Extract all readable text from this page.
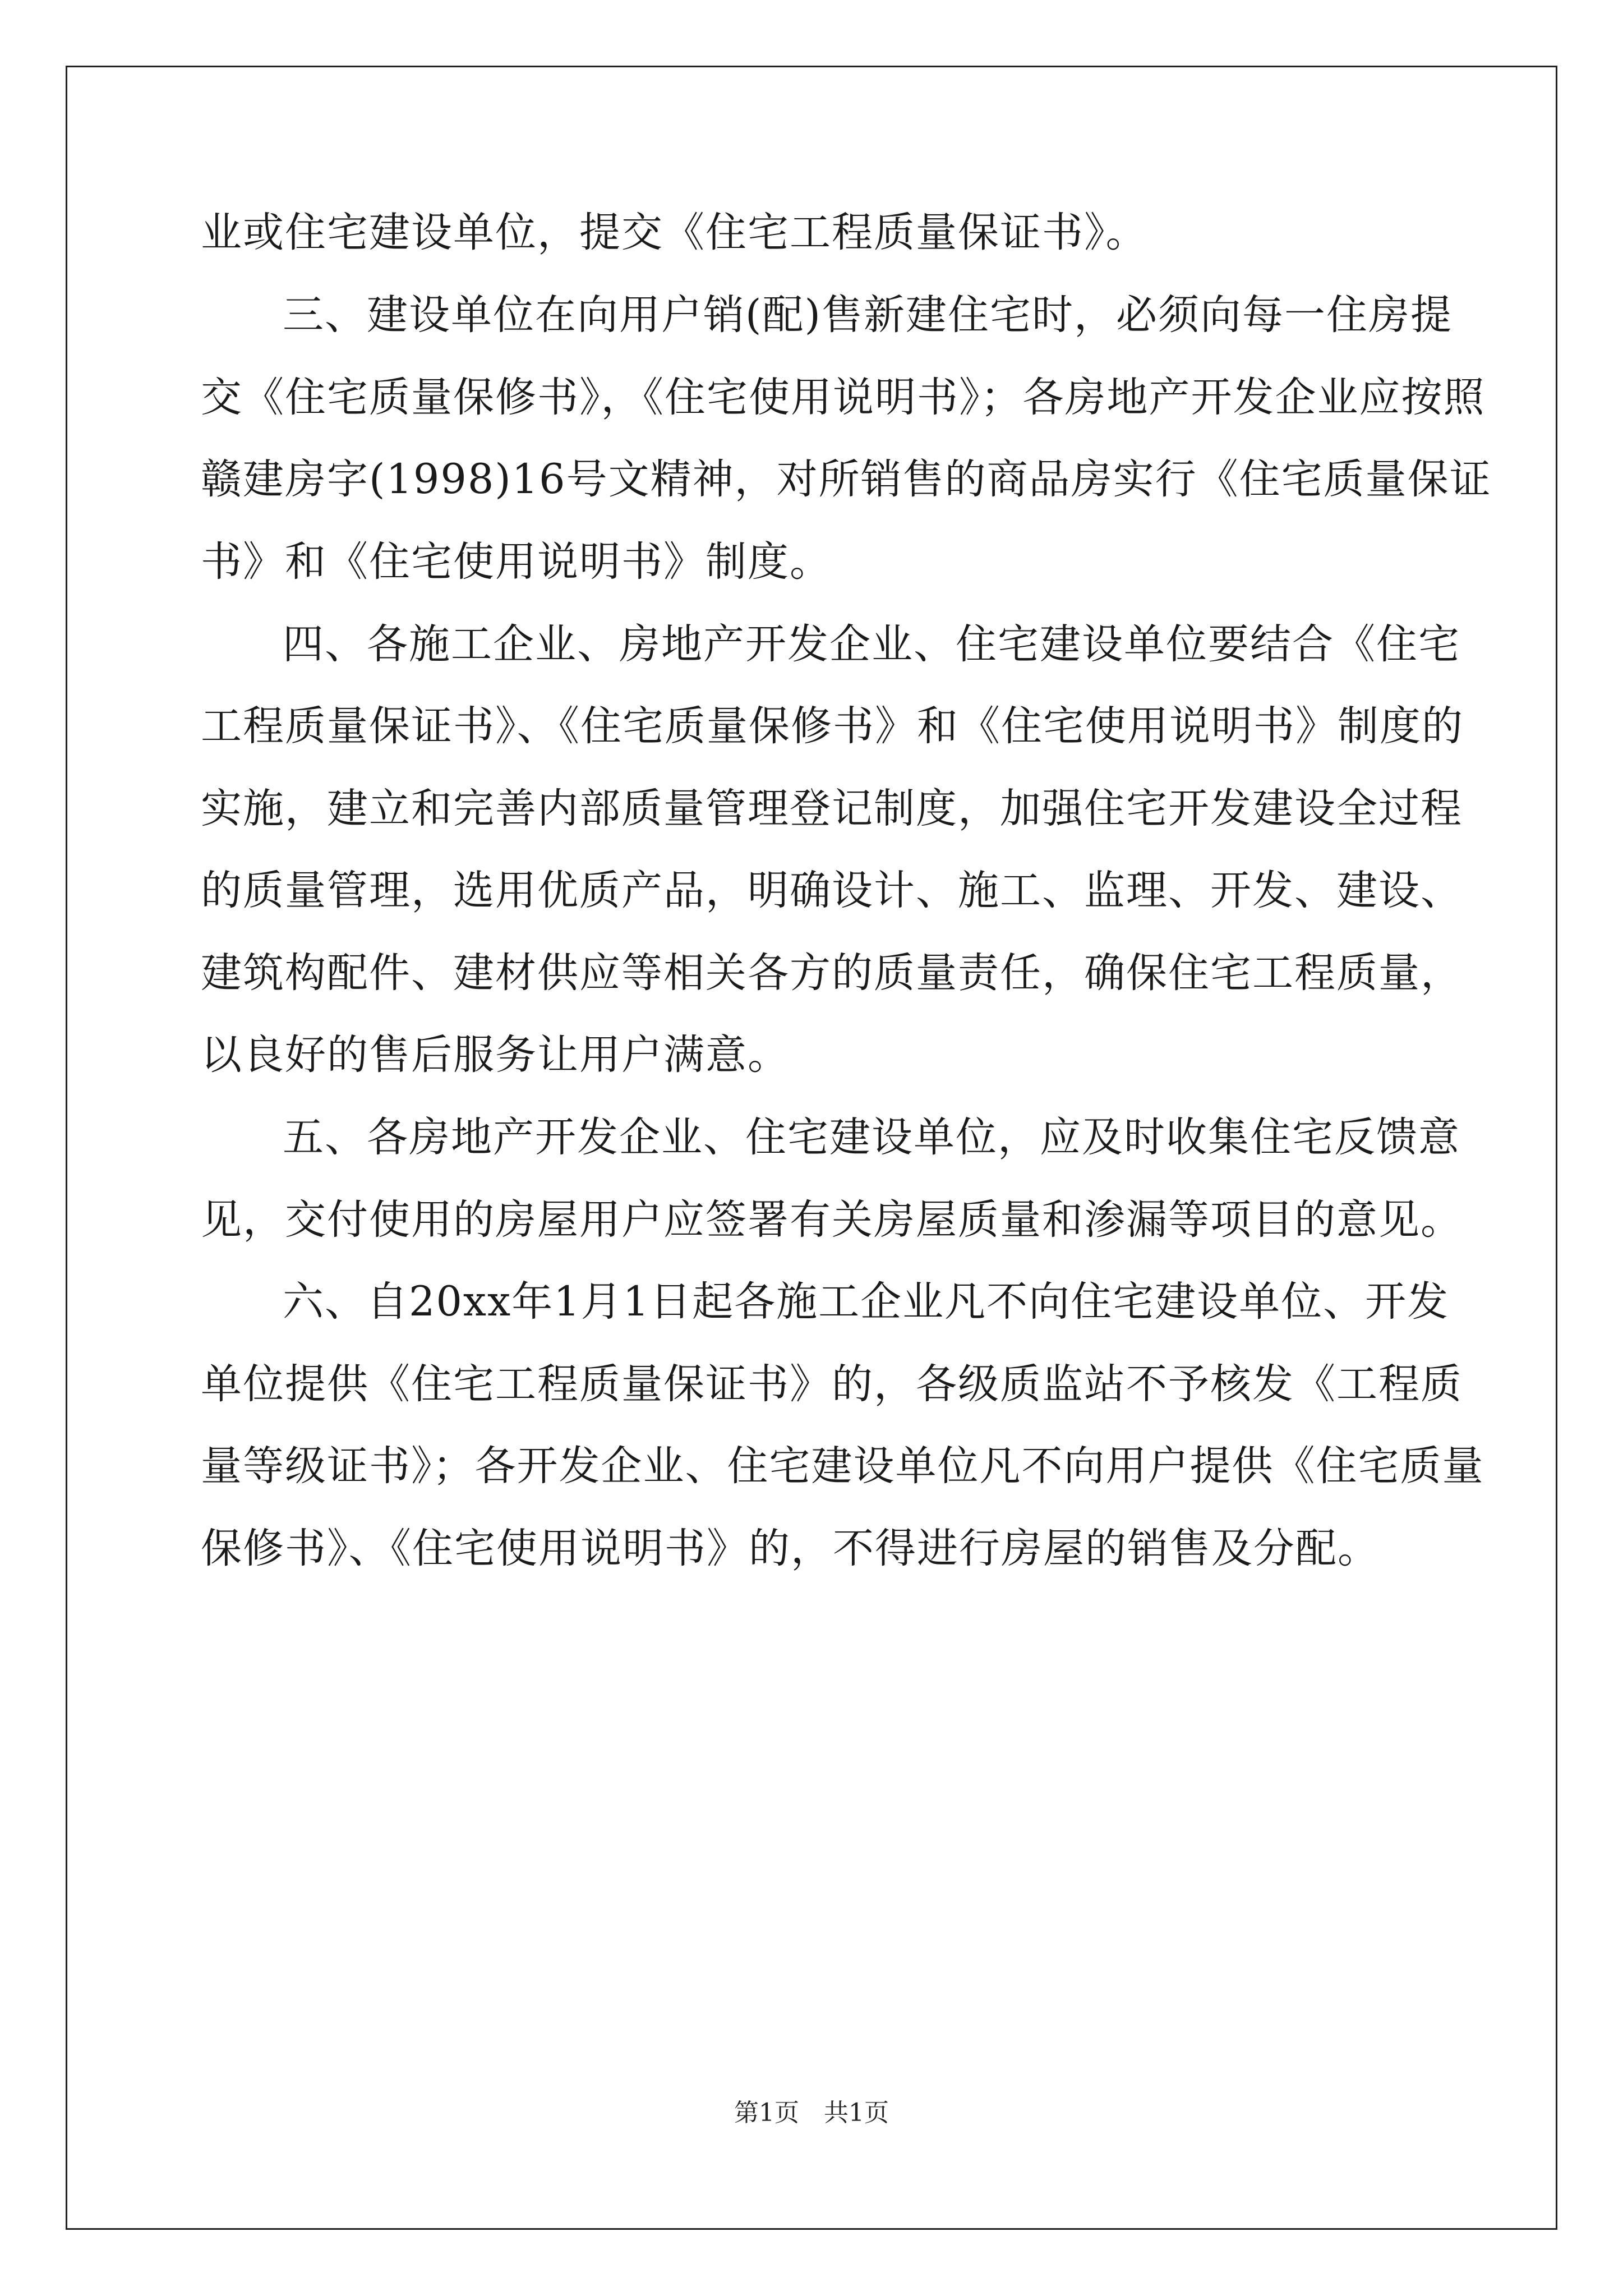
业或住宅建设单位，提交《住宅工程质量保证书》。
三、建设单位在向用户销(配)售新建住宅时，必须向每一住房提
交《住宅质量保修书》，《住宅使用说明书》；各房地产开发企业应按照
赣建房字(1998)16号文精神，对所销售的商品房实行《住宅质量保证
书》和《住宅使用说明书》制度。
四、各施工企业、房地产开发企业、住宅建设单位要结合《住宅
工程质量保证书》、《住宅质量保修书》和《住宅使用说明书》制度的
实施，建立和完善内部质量管理登记制度，加强住宅开发建设全过程
的质量管理，选用优质产品，明确设计、施工、监理、开发、建设、
建筑构配件、建材供应等相关各方的质量责任，确保住宅工程质量，
以良好的售后服务让用户满意。
五、各房地产开发企业、住宅建设单位，应及时收集住宅反馈意
见，交付使用的房屋用户应签署有关房屋质量和渗漏等项目的意见。
六、自20xx年1月1日起各施工企业凡不向住宅建设单位、开发
单位提供《住宅工程质量保证书》的，各级质监站不予核发《工程质
量等级证书》；各开发企业、住宅建设单位凡不向用户提供《住宅质量
保修书》、《住宅使用说明书》的，不得进行房屋的销售及分配。
第1页　共1页
